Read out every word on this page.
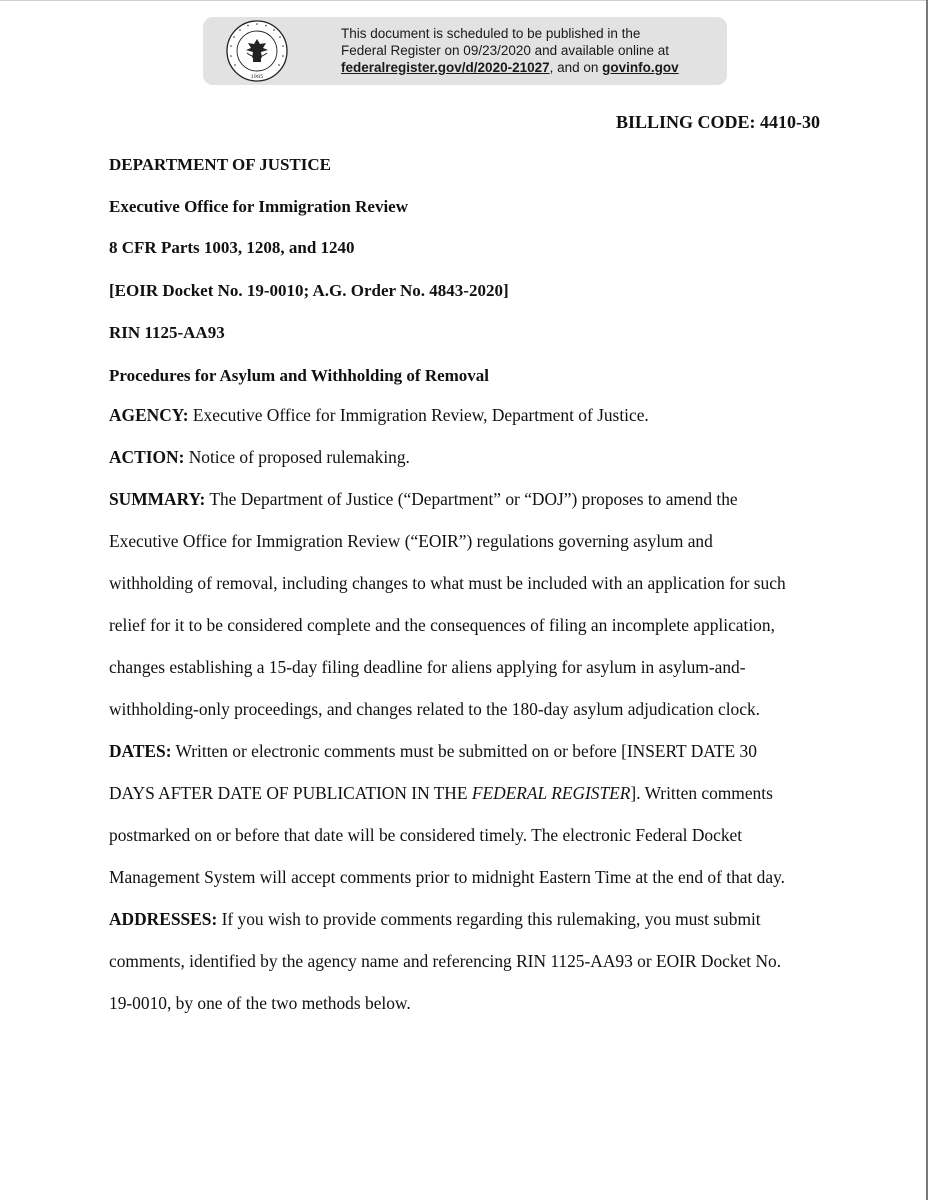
1985
This document is scheduled to be published in the
Federal Register on 09/23/2020 and available online at
federalregister.gov/d/2020-21027, and on govinfo.gov
BILLING CODE: 4410-30
DEPARTMENT OF JUSTICE
Executive Office for Immigration Review
8 CFR Parts 1003, 1208, and 1240
[EOIR Docket No. 19-0010; A.G. Order No. 4843-2020]
RIN 1125-AA93
Procedures for Asylum and Withholding of Removal
AGENCY: Executive Office for Immigration Review, Department of Justice.
ACTION: Notice of proposed rulemaking.
SUMMARY: The Department of Justice (“Department” or “DOJ”) proposes to amend the
Executive Office for Immigration Review (“EOIR”) regulations governing asylum and
withholding of removal, including changes to what must be included with an application for such
relief for it to be considered complete and the consequences of filing an incomplete application,
changes establishing a 15-day filing deadline for aliens applying for asylum in asylum-and-
withholding-only proceedings, and changes related to the 180-day asylum adjudication clock.
DATES: Written or electronic comments must be submitted on or before [INSERT DATE 30
DAYS AFTER DATE OF PUBLICATION IN THE FEDERAL REGISTER]. Written comments
postmarked on or before that date will be considered timely. The electronic Federal Docket
Management System will accept comments prior to midnight Eastern Time at the end of that day.
ADDRESSES: If you wish to provide comments regarding this rulemaking, you must submit
comments, identified by the agency name and referencing RIN 1125-AA93 or EOIR Docket No.
19-0010, by one of the two methods below.
